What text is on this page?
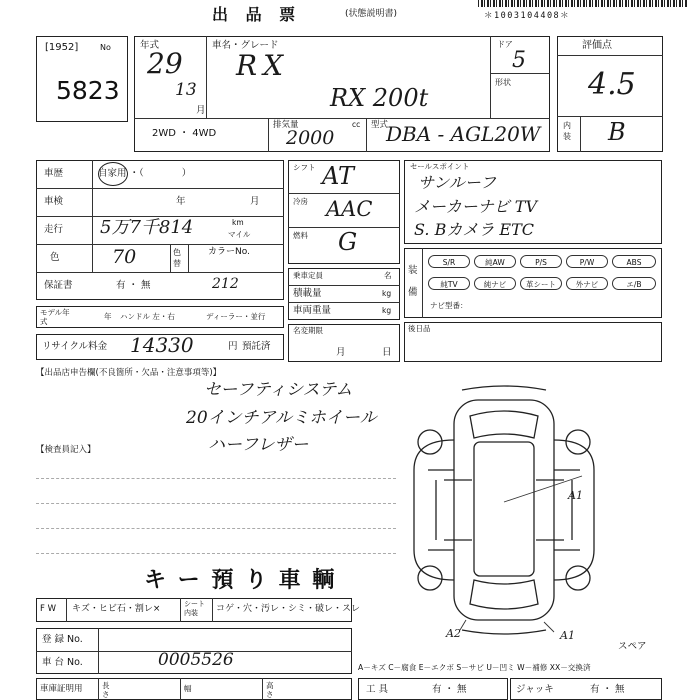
出 品 票	(状態説明書)	＊1003104408＊
[1952]	No
5823
年式
29
13
月
車名・グレード
RX
RX 200t
ドア
5
形状
2WD ・ 4WD
排気量
2000
cc 型式
DBA - AGL20W
評価点
4.5
内装 B
車歴	自家用 ・（　　　　）
車検	年	月
走行 5万7千814	km
マイル
色	70	色替
カラーNo.
212
保証書	有 ・ 無
シフト AT
冷房 AAC
燃料 G
セールスポイント
サンルーフ
メーカーナビ TV
S. Bカメラ ETC
装 備
S/R	純AW	P/S	P/W	ABS
純TV	純ナビ	革シート	外ナビ	エ/B
ナビ型番：
乗車定員	名
積載量	kg
車両重量	kg
モデル年式
年 ハンドル 左・右	ディーラー・並行
リサイクル料金 14330	円 預託済
名変期限
月	日
後日品
【出品店申告欄(不良箇所・欠品・注意事項等)】
セーフティシステム
20インチアルミホイール
ハーフレザー
【検査員記入】
キ ー 預 り 車 輌
F W キズ・ヒビ石・割レ×	シート内装	コゲ・穴・汚レ・シミ・破レ・スレ
登 録 No.
車 台 No.	0005526
A1
A2	A1
スペア
A－キズ C－腐食 E－エクボ S－サビ U－凹ミ W－補修 XX－交換済
車庫証明用	長さ
幅	高さ	工 具	有 ・ 無	ジャッキ	有 ・ 無
